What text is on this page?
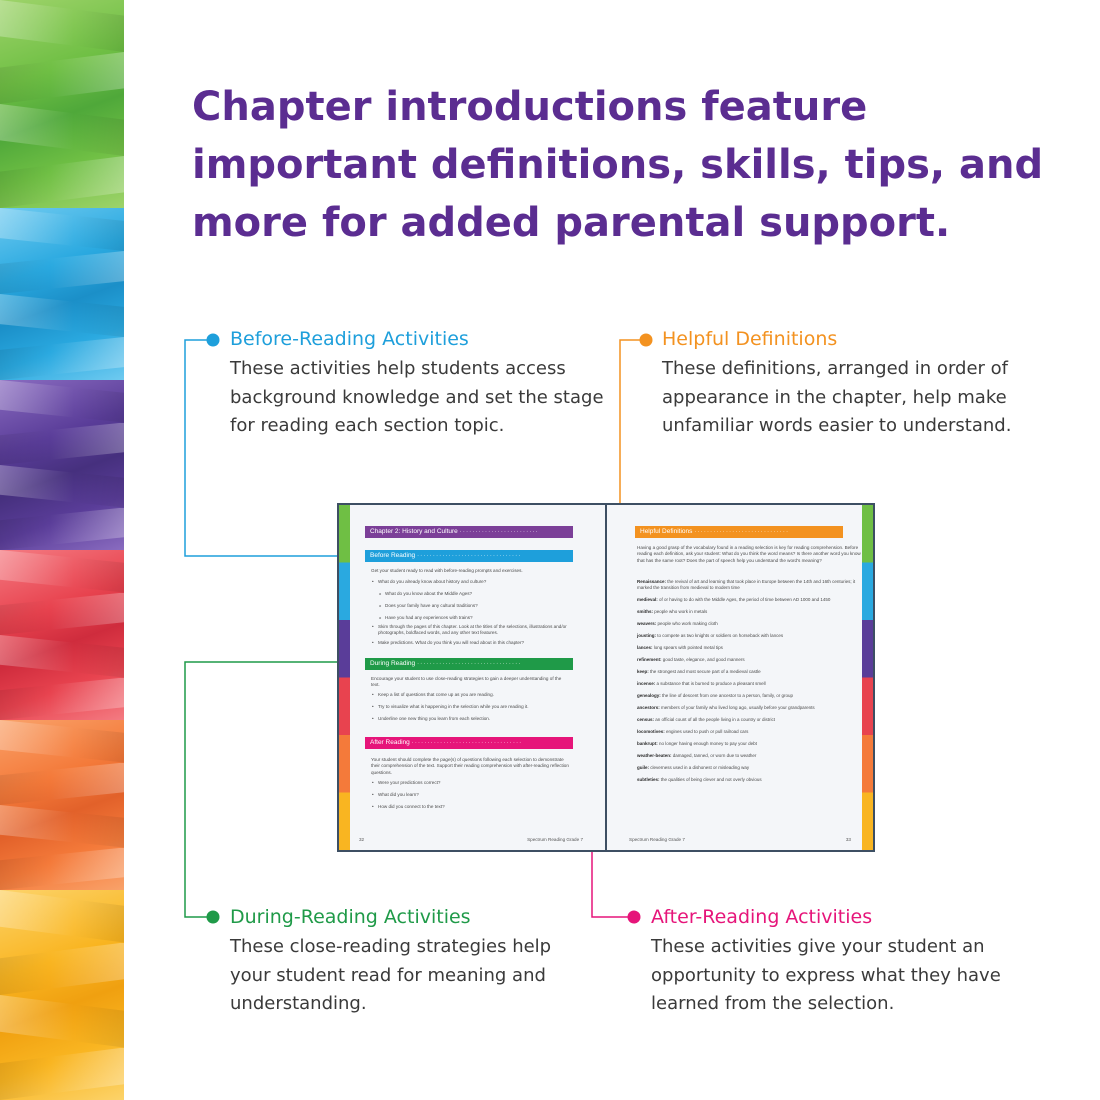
Chapter introductions feature important definitions, skills, tips, and more for added parental support.
Before-Reading Activities

These activities help students access background knowledge and set the stage for reading each section topic.

Helpful Definitions

These definitions, arranged in order of appearance in the chapter, help make unfamiliar words easier to understand.

During-Reading Activities

These close-reading strategies help your student read for meaning and understanding.

After-Reading Activities

These activities give your student an opportunity to express what they have learned from the selection.

Chapter 2: History and Culture ·························
Before Reading ·································

Get your student ready to read with before-reading prompts and exercises.

• What do you already know about history and culture?
o What do you know about the Middle Ages?
o Does your family have any cultural traditions?
o Have you had any experiences with trains?

• Skim through the pages of this chapter. Look at the titles of the selections, illustrations and/or photographs, boldfaced words, and any other text features.

• Make predictions. What do you think you will read about in this chapter?

During Reading ·································

Encourage your student to use close-reading strategies to gain a deeper understanding of the text.

• Keep a list of questions that come up as you are reading.
• Try to visualize what is happening in the selection while you are reading it.
• Underline one new thing you learn from each selection.
After Reading ···································

Your student should complete the page(s) of questions following each selection to demonstrate their comprehension of the text. Support their reading comprehension with after-reading reflection questions.

• Were your predictions correct?
• What did you learn?
• How did you connect to the text?
32	Spectrum Reading Grade 7
Helpful Definitions ······························

Having a good grasp of the vocabulary found in a reading selection is key for reading comprehension. Before reading each definition, ask your student: What do you think the word means? Is there another word you know that has the same root? Does the part of speech help you understand the word's meaning?

Renaissance: the revival of art and learning that took place in Europe between the 14th and 16th centuries; it marked the transition from medieval to modern time
medieval: of or having to do with the Middle Ages, the period of time between AD 1000 and 1450
smiths: people who work in metals
weavers: people who work making cloth
jousting: to compete as two knights or soldiers on horseback with lances
lances: long spears with pointed metal tips
refinement: good taste, elegance, and good manners
keep: the strongest and most secure part of a medieval castle
incense: a substance that is burned to produce a pleasant smell
genealogy: the line of descent from one ancestor to a person, family, or group
ancestors: members of your family who lived long ago, usually before your grandparents
census: an official count of all the people living in a country or district
locomotives: engines used to push or pull railroad cars
bankrupt: no longer having enough money to pay your debt
weather-beaten: damaged, tanned, or worn due to weather
guile: cleverness used in a dishonest or misleading way
subtleties: the qualities of being clever and not overly obvious
Spectrum Reading Grade 7	33
